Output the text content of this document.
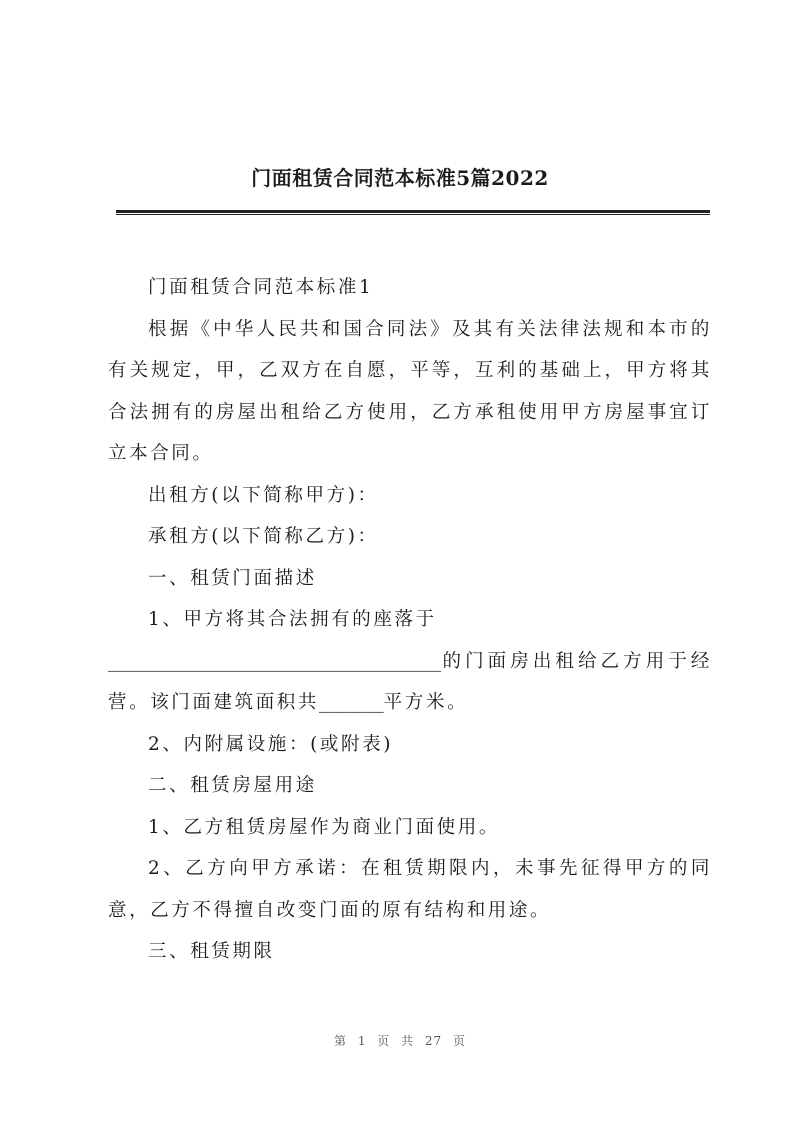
门面租赁合同范本标准5篇2022

门面租赁合同范本标准1

根据《中华人民共和国合同法》及其有关法律法规和本市的有关规定，甲，乙双方在自愿，平等，互利的基础上，甲方将其合法拥有的房屋出租给乙方使用，乙方承租使用甲方房屋事宜订立本合同。

出租方(以下简称甲方)：

承租方(以下简称乙方)：

一、租赁门面描述

1、甲方将其合法拥有的座落于

____________________________________的门面房出租给乙方用于经营。该门面建筑面积共_______平方米。

2、内附属设施：(或附表)

二、租赁房屋用途

1、乙方租赁房屋作为商业门面使用。

2、乙方向甲方承诺：在租赁期限内，未事先征得甲方的同意，乙方不得擅自改变门面的原有结构和用途。

三、租赁期限

第 1 页 共 27 页
